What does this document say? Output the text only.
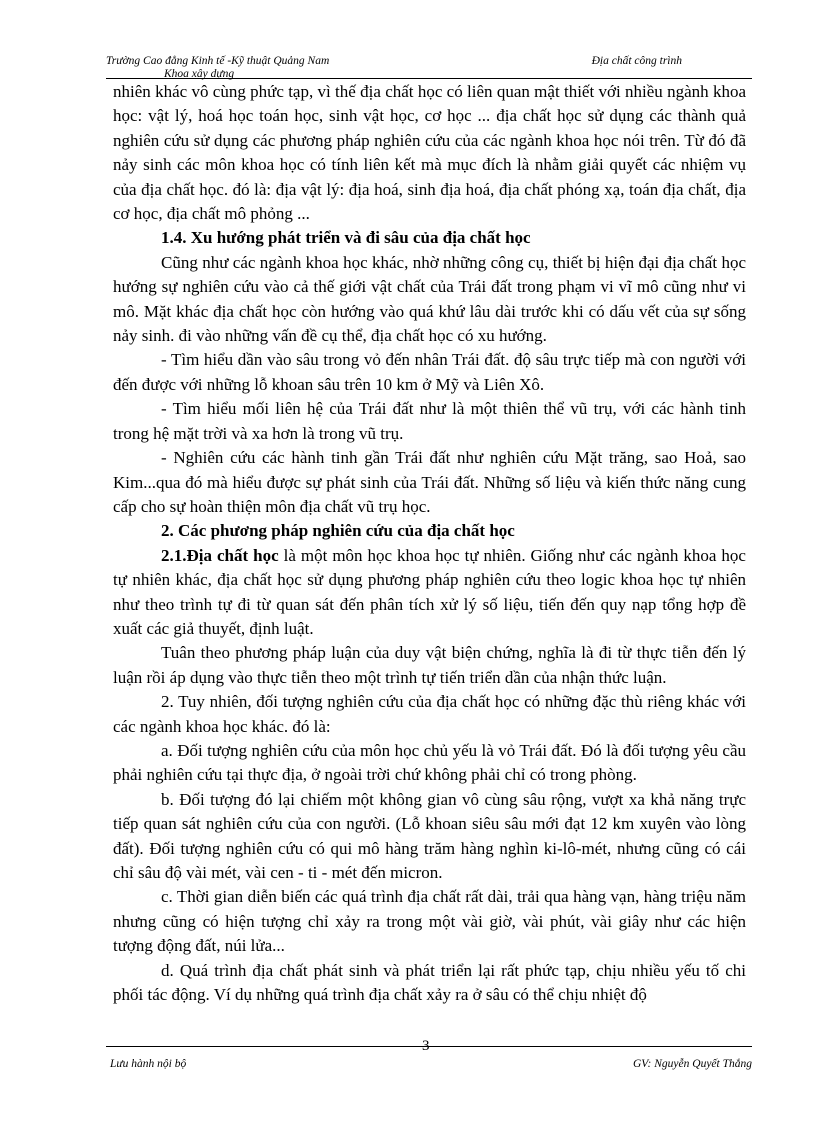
Trường Cao đẳng Kinh tế -Kỹ thuật Quảng Nam	Địa chất công trình
Khoa xây dựng

nhiên khác vô cùng phức tạp, vì thế địa chất học có liên quan mật thiết với nhiều ngành khoa học: vật lý, hoá học toán học, sinh vật học, cơ học ... địa chất học sử dụng các thành quả nghiên cứu sử dụng các phương pháp nghiên cứu của các ngành khoa học nói trên. Từ đó đã nảy sinh các môn khoa học có tính liên kết mà mục đích là nhằm giải quyết các nhiệm vụ của địa chất học. đó là: địa vật lý: địa hoá, sinh địa hoá, địa chất phóng xạ, toán địa chất, địa cơ học, địa chất mô phỏng ...

1.4. Xu hướng phát triển và đi sâu của địa chất học

Cũng như các ngành khoa học khác, nhờ những công cụ, thiết bị hiện đại địa chất học hướng sự nghiên cứu vào cả thế giới vật chất của Trái đất trong phạm vi vĩ mô cũng như vi mô. Mặt khác địa chất học còn hướng vào quá khứ lâu dài trước khi có dấu vết của sự sống nảy sinh. đi vào những vấn đề cụ thể, địa chất học có xu hướng.

- Tìm hiểu dần vào sâu trong vỏ đến nhân Trái đất. độ sâu trực tiếp mà con người với đến được với những lỗ khoan sâu trên 10 km ở Mỹ và Liên Xô.

- Tìm hiểu mối liên hệ của Trái đất như là một thiên thể vũ trụ, với các hành tinh trong hệ mặt trời và xa hơn là trong vũ trụ.

- Nghiên cứu các hành tinh gần Trái đất như nghiên cứu Mặt trăng, sao Hoả, sao Kim...qua đó mà hiểu được sự phát sinh của Trái đất. Những số liệu và kiến thức năng cung cấp cho sự hoàn thiện môn địa chất vũ trụ học.

2. Các phương pháp nghiên cứu của địa chất học

2.1.Địa chất học là một môn học khoa học tự nhiên. Giống như các ngành khoa học tự nhiên khác, địa chất học sử dụng phương pháp nghiên cứu theo logic khoa học tự nhiên như theo trình tự đi từ quan sát đến phân tích xử lý số liệu, tiến đến quy nạp tổng hợp đề xuất các giả thuyết, định luật.

Tuân theo phương pháp luận của duy vật biện chứng, nghĩa là đi từ thực tiễn đến lý luận rồi áp dụng vào thực tiễn theo một trình tự tiến triển dần của nhận thức luận.

2. Tuy nhiên, đối tượng nghiên cứu của địa chất học có những đặc thù riêng khác với các ngành khoa học khác. đó là:

a. Đối tượng nghiên cứu của môn học chủ yếu là vỏ Trái đất. Đó là đối tượng yêu cầu phải nghiên cứu tại thực địa, ở ngoài trời chứ không phải chỉ có trong phòng.

b. Đối tượng đó lại chiếm một không gian vô cùng sâu rộng, vượt xa khả năng trực tiếp quan sát nghiên cứu của con người. (Lỗ khoan siêu sâu mới đạt 12 km xuyên vào lòng đất). Đối tượng nghiên cứu có qui mô hàng trăm hàng nghìn ki-lô-mét, nhưng cũng có cái chỉ sâu độ vài mét, vài cen - ti - mét đến micron.

c. Thời gian diễn biến các quá trình địa chất rất dài, trải qua hàng vạn, hàng triệu năm nhưng cũng có hiện tượng chỉ xảy ra trong một vài giờ, vài phút, vài giây như các hiện tượng động đất, núi lửa...

d. Quá trình địa chất phát sinh và phát triển lại rất phức tạp, chịu nhiều yếu tố chi phối tác động. Ví dụ những quá trình địa chất xảy ra ở sâu có thể chịu nhiệt độ

Lưu hành nội bộ
3
GV: Nguyễn Quyết Thắng
